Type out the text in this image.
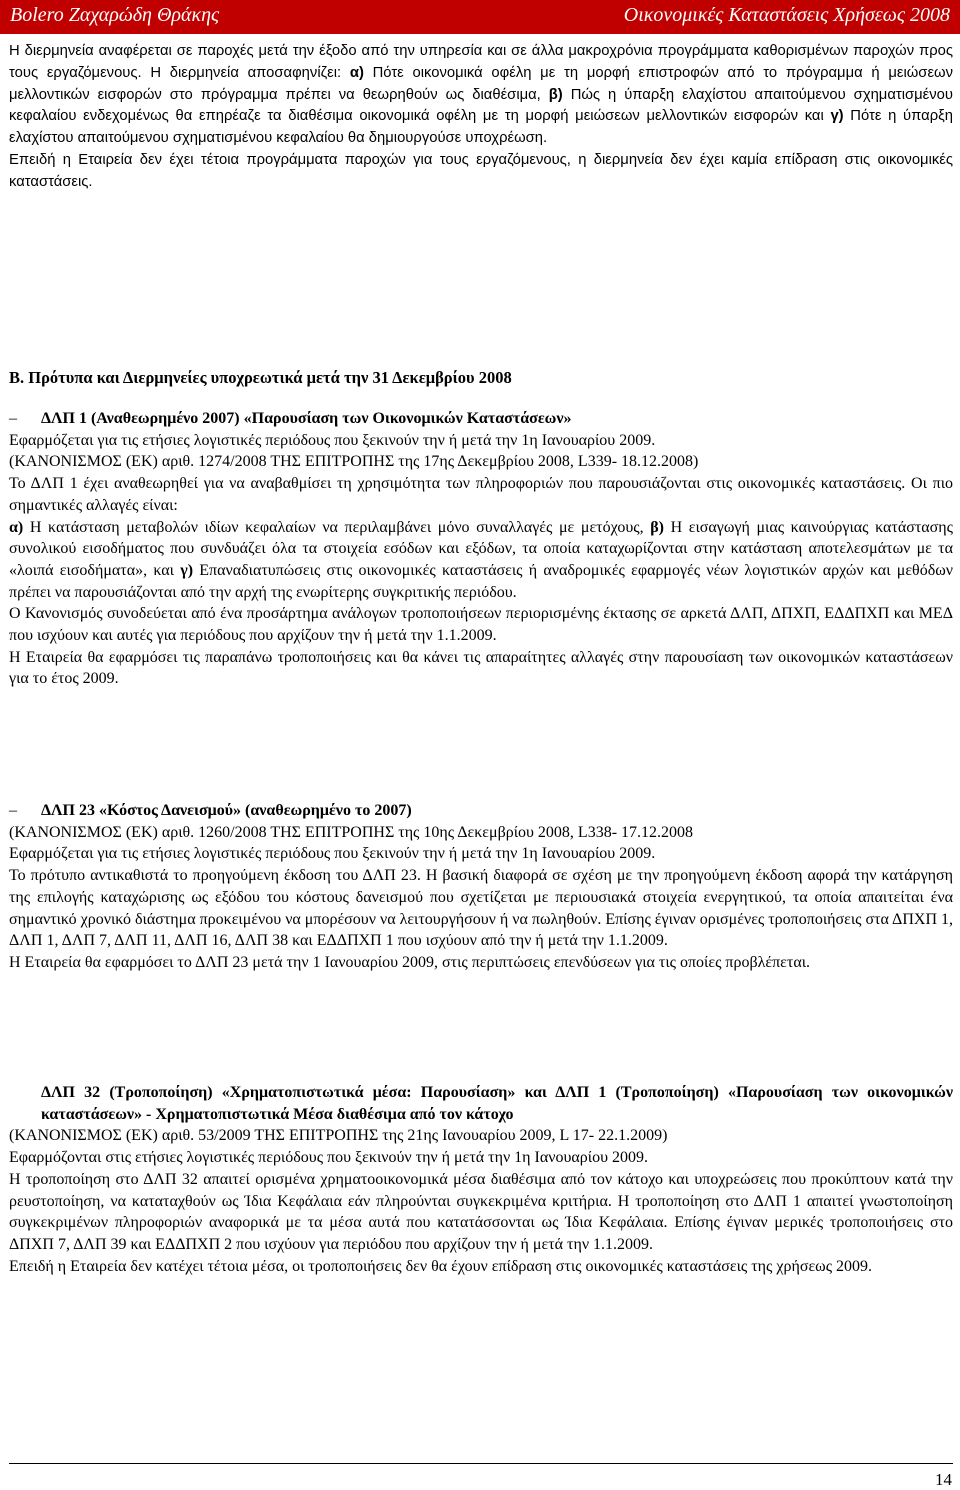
Bolero Ζαχαρώδη Θράκης	Οικονομικές Καταστάσεις Χρήσεως 2008

Η διερμηνεία αναφέρεται σε παροχές μετά την έξοδο από την υπηρεσία και σε άλλα μακροχρόνια προγράμματα καθορισμένων παροχών προς τους εργαζόμενους. Η διερμηνεία αποσαφηνίζει: α) Πότε οικονομικά οφέλη με τη μορφή επιστροφών από το πρόγραμμα ή μειώσεων μελλοντικών εισφορών στο πρόγραμμα πρέπει να θεωρηθούν ως διαθέσιμα, β) Πώς η ύπαρξη ελαχίστου απαιτούμενου σχηματισμένου κεφαλαίου ενδεχομένως θα επηρέαζε τα διαθέσιμα οικονομικά οφέλη με τη μορφή μειώσεων μελλοντικών εισφορών και γ) Πότε η ύπαρξη ελαχίστου απαιτούμενου σχηματισμένου κεφαλαίου θα δημιουργούσε υποχρέωση.

Επειδή η Εταιρεία δεν έχει τέτοια προγράμματα παροχών για τους εργαζόμενους, η διερμηνεία δεν έχει καμία επίδραση στις οικονομικές καταστάσεις.

Β. Πρότυπα και Διερμηνείες υποχρεωτικά μετά την 31 Δεκεμβρίου 2008

– ΔΛΠ 1 (Αναθεωρημένο 2007) «Παρουσίαση των Οικονομικών Καταστάσεων»

Εφαρμόζεται για τις ετήσιες λογιστικές περιόδους που ξεκινούν την ή μετά την 1η Ιανουαρίου 2009.

(ΚΑΝΟΝΙΣΜΟΣ (ΕΚ) αριθ. 1274/2008 ΤΗΣ ΕΠΙΤΡΟΠΗΣ της 17ης Δεκεμβρίου 2008, L339- 18.12.2008)

Το ΔΛΠ 1 έχει αναθεωρηθεί για να αναβαθμίσει τη χρησιμότητα των πληροφοριών που παρουσιάζονται στις οικονομικές καταστάσεις. Οι πιο σημαντικές αλλαγές είναι:

α) Η κατάσταση μεταβολών ιδίων κεφαλαίων να περιλαμβάνει μόνο συναλλαγές με μετόχους, β) Η εισαγωγή μιας καινούργιας κατάστασης συνολικού εισοδήματος που συνδυάζει όλα τα στοιχεία εσόδων και εξόδων, τα οποία καταχωρίζονται στην κατάσταση αποτελεσμάτων με τα «λοιπά εισοδήματα», και γ) Επαναδιατυπώσεις στις οικονομικές καταστάσεις ή αναδρομικές εφαρμογές νέων λογιστικών αρχών και μεθόδων πρέπει να παρουσιάζονται από την αρχή της ενωρίτερης συγκριτικής περιόδου.

Ο Κανονισμός συνοδεύεται από ένα προσάρτημα ανάλογων τροποποιήσεων περιορισμένης έκτασης σε αρκετά ΔΛΠ, ΔΠΧΠ, ΕΔΔΠΧΠ και ΜΕΔ που ισχύουν και αυτές για περιόδους που αρχίζουν την ή μετά την 1.1.2009.

Η Εταιρεία θα εφαρμόσει τις παραπάνω τροποποιήσεις και θα κάνει τις απαραίτητες αλλαγές στην παρουσίαση των οικονομικών καταστάσεων για το έτος 2009.

– ΔΛΠ 23 «Κόστος Δανεισμού» (αναθεωρημένο το 2007)

(ΚΑΝΟΝΙΣΜΟΣ (ΕΚ) αριθ. 1260/2008 ΤΗΣ ΕΠΙΤΡΟΠΗΣ της 10ης Δεκεμβρίου 2008, L338- 17.12.2008

Εφαρμόζεται για τις ετήσιες λογιστικές περιόδους που ξεκινούν την ή μετά την 1η Ιανουαρίου 2009.

Το πρότυπο αντικαθιστά το προηγούμενη έκδοση του ΔΛΠ 23. Η βασική διαφορά σε σχέση με την προηγούμενη έκδοση αφορά την κατάργηση της επιλογής καταχώρισης ως εξόδου του κόστους δανεισμού που σχετίζεται με περιουσιακά στοιχεία ενεργητικού, τα οποία απαιτείται ένα σημαντικό χρονικό διάστημα προκειμένου να μπορέσουν να λειτουργήσουν ή να πωληθούν. Επίσης έγιναν ορισμένες τροποποιήσεις στα ΔΠΧΠ 1, ΔΛΠ 1, ΔΛΠ 7, ΔΛΠ 11, ΔΛΠ 16, ΔΛΠ 38 και ΕΔΔΠΧΠ 1 που ισχύουν από την ή μετά την 1.1.2009.

Η Εταιρεία θα εφαρμόσει το ΔΛΠ 23 μετά την 1 Ιανουαρίου 2009, στις περιπτώσεις επενδύσεων για τις οποίες προβλέπεται.

ΔΛΠ 32 (Τροποποίηση) «Χρηματοπιστωτικά μέσα: Παρουσίαση» και ΔΛΠ 1 (Τροποποίηση) «Παρουσίαση των οικονομικών καταστάσεων» - Χρηματοπιστωτικά Μέσα διαθέσιμα από τον κάτοχο

(ΚΑΝΟΝΙΣΜΟΣ (ΕΚ) αριθ. 53/2009 ΤΗΣ ΕΠΙΤΡΟΠΗΣ της 21ης Ιανουαρίου 2009, L 17- 22.1.2009)

Εφαρμόζονται στις ετήσιες λογιστικές περιόδους που ξεκινούν την ή μετά την 1η Ιανουαρίου 2009.

Η τροποποίηση στο ΔΛΠ 32 απαιτεί ορισμένα χρηματοοικονομικά μέσα διαθέσιμα από τον κάτοχο και υποχρεώσεις που προκύπτουν κατά την ρευστοποίηση, να καταταχθούν ως Ίδια Κεφάλαια εάν πληρούνται συγκεκριμένα κριτήρια. Η τροποποίηση στο ΔΛΠ 1 απαιτεί γνωστοποίηση συγκεκριμένων πληροφοριών αναφορικά με τα μέσα αυτά που κατατάσσονται ως Ίδια Κεφάλαια. Επίσης έγιναν μερικές τροποποιήσεις στο ΔΠΧΠ 7, ΔΛΠ 39 και ΕΔΔΠΧΠ 2 που ισχύουν για περιόδου που αρχίζουν την ή μετά την 1.1.2009.

Επειδή η Εταιρεία δεν κατέχει τέτοια μέσα, οι τροποποιήσεις δεν θα έχουν επίδραση στις οικονομικές καταστάσεις της χρήσεως 2009.

14
